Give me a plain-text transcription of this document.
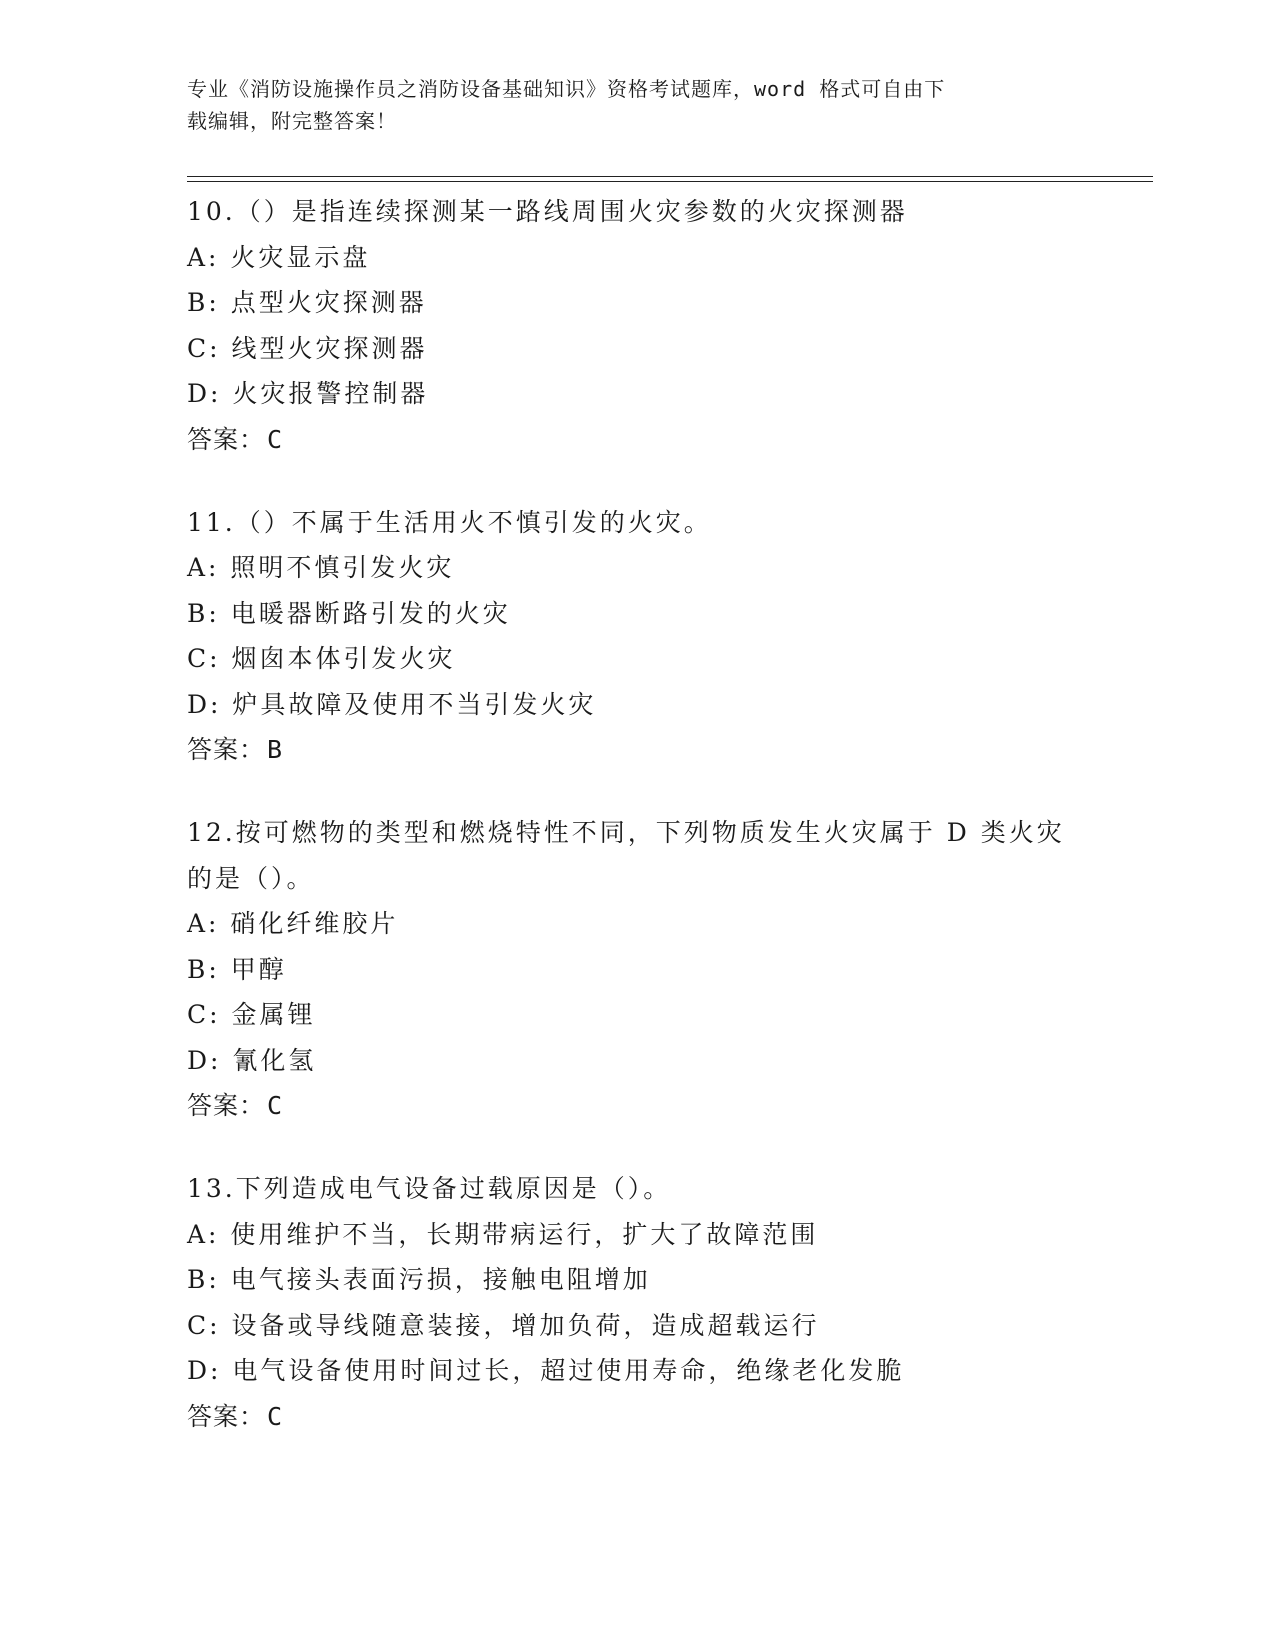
专业《消防设施操作员之消防设备基础知识》资格考试题库，word 格式可自由下
载编辑，附完整答案！
10.（）是指连续探测某一路线周围火灾参数的火灾探测器
A: 火灾显示盘
B: 点型火灾探测器
C: 线型火灾探测器
D: 火灾报警控制器
答案：C
11.（）不属于生活用火不慎引发的火灾。
A: 照明不慎引发火灾
B: 电暖器断路引发的火灾
C: 烟囱本体引发火灾
D: 炉具故障及使用不当引发火灾
答案：B
12.按可燃物的类型和燃烧特性不同，下列物质发生火灾属于 D 类火灾的是（）。
A: 硝化纤维胶片
B: 甲醇
C: 金属锂
D: 氰化氢
答案：C
13.下列造成电气设备过载原因是（）。
A: 使用维护不当，长期带病运行，扩大了故障范围
B: 电气接头表面污损，接触电阻增加
C: 设备或导线随意装接，增加负荷，造成超载运行
D: 电气设备使用时间过长，超过使用寿命，绝缘老化发脆
答案：C
